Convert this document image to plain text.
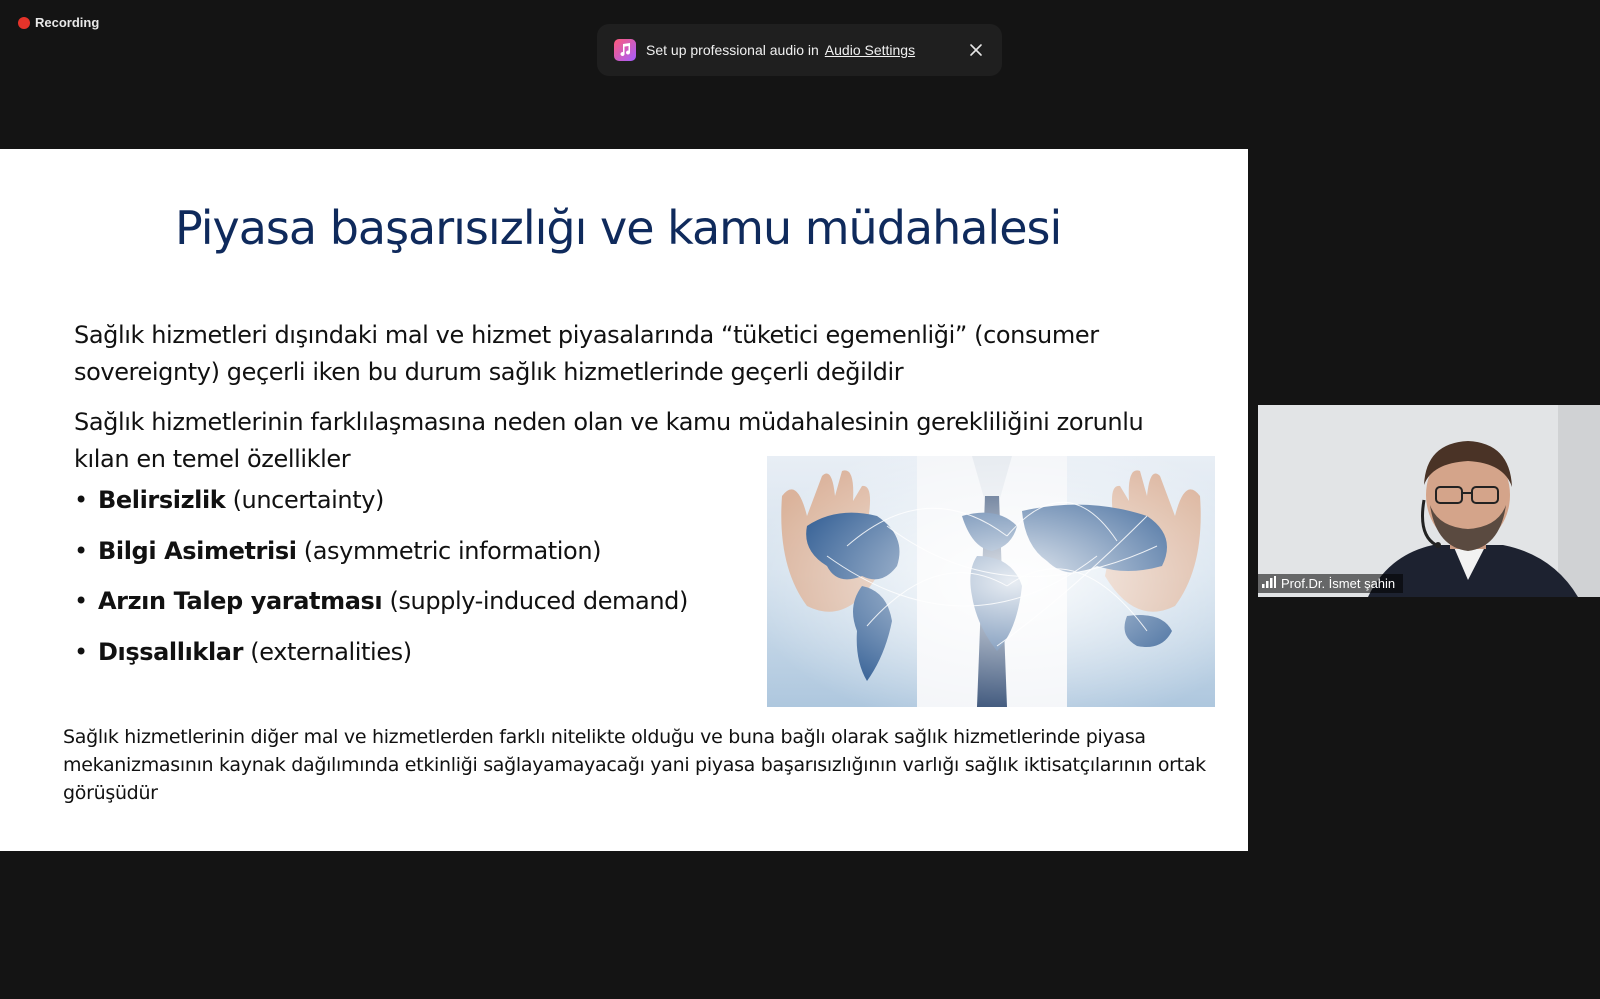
Recording
Set up professional audio in Audio Settings
Piyasa başarısızlığı ve kamu müdahalesi
Sağlık hizmetleri dışındaki mal ve hizmet piyasalarında “tüketici egemenliği” (consumer sovereignty) geçerli iken bu durum sağlık hizmetlerinde geçerli değildir
Sağlık hizmetlerinin farklılaşmasına neden olan ve kamu müdahalesinin gerekliliğini zorunlu kılan en temel özellikler
• Belirsizlik (uncertainty)
• Bilgi Asimetrisi (asymmetric information)
• Arzın Talep yaratması (supply-induced demand)
• Dışsallıklar (externalities)
Sağlık hizmetlerinin diğer mal ve hizmetlerden farklı nitelikte olduğu ve buna bağlı olarak sağlık hizmetlerinde piyasa mekanizmasının kaynak dağılımında etkinliği sağlayamayacağı yani piyasa başarısızlığının varlığı sağlık iktisatçılarının ortak görüşüdür
Prof.Dr. İsmet şahin
